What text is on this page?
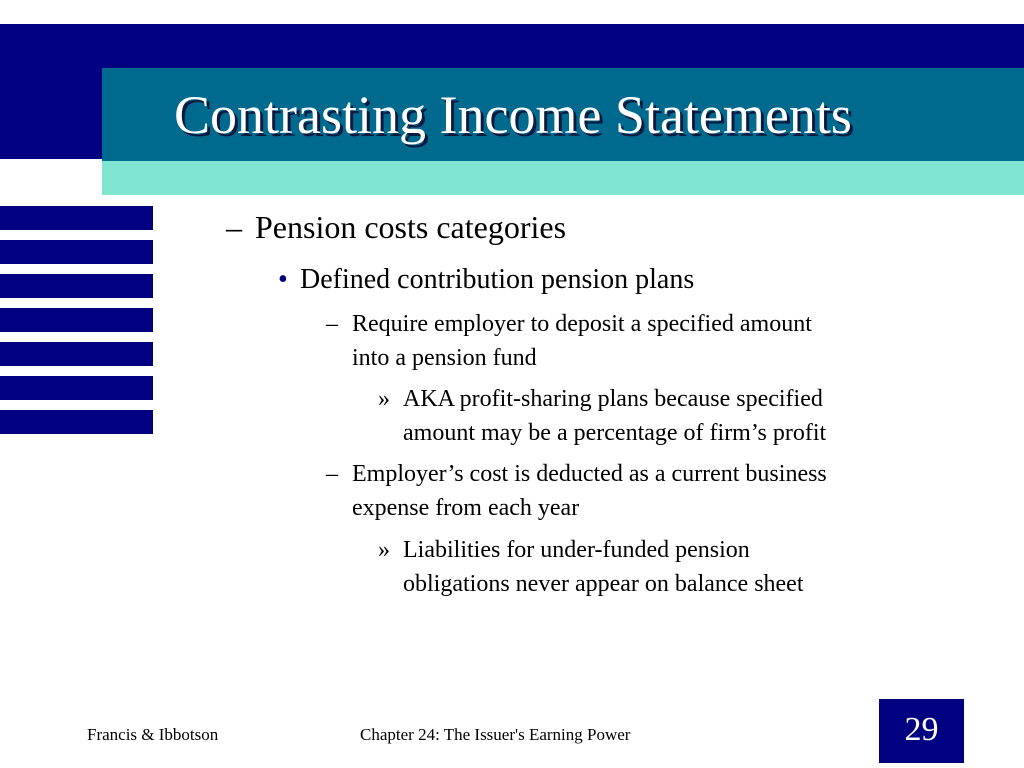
Contrasting Income Statements
– Pension costs categories
• Defined contribution pension plans
– Require employer to deposit a specified amount
into a pension fund
» AKA profit-sharing plans because specified
amount may be a percentage of firm’s profit
– Employer’s cost is deducted as a current business
expense from each year
» Liabilities for under-funded pension
obligations never appear on balance sheet
Francis & Ibbotson	Chapter 24: The Issuer's Earning Power	29
